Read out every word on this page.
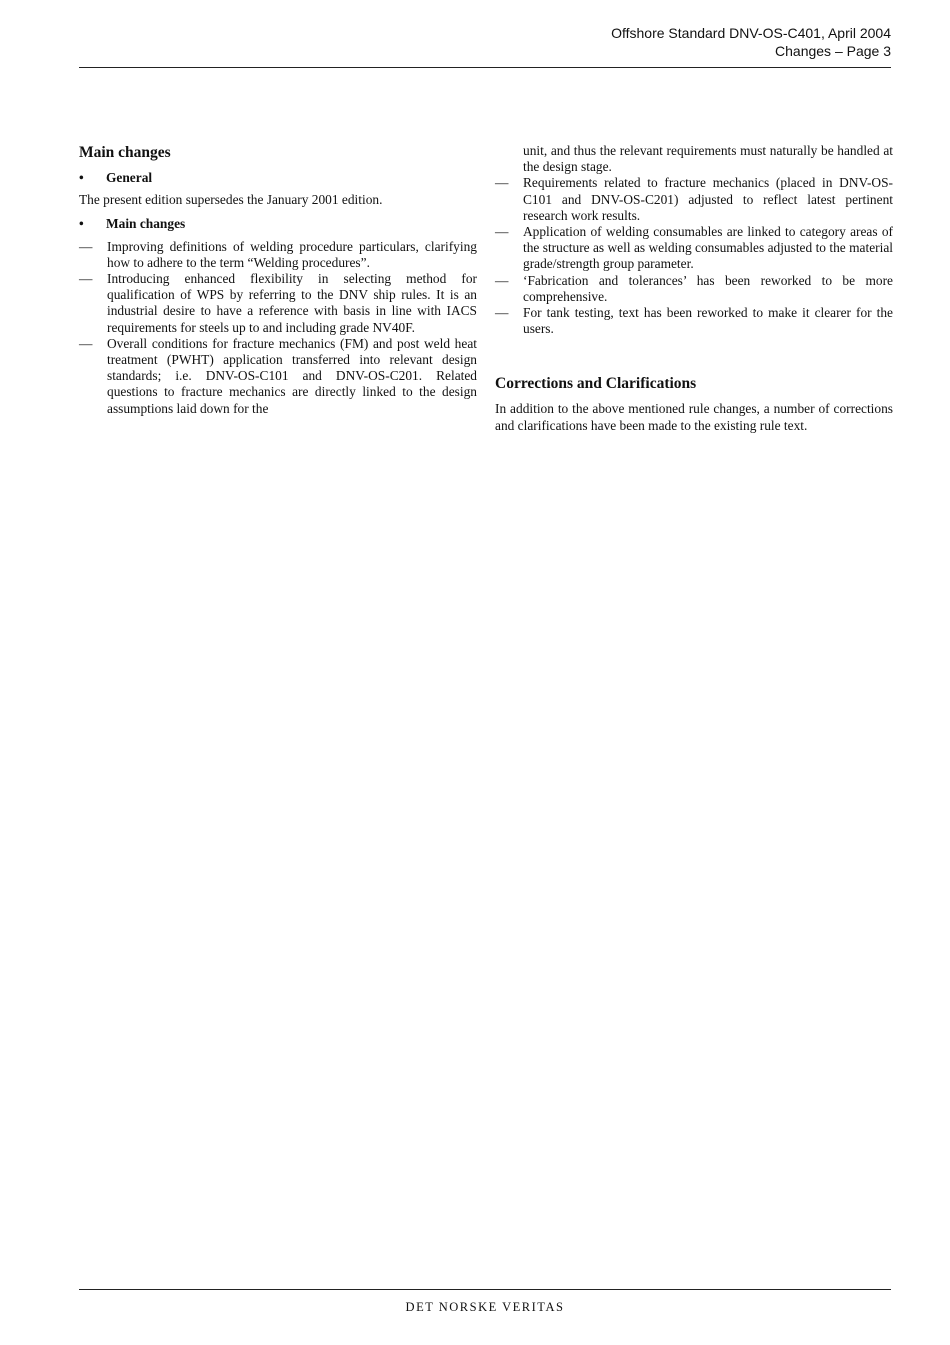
Offshore Standard DNV-OS-C401, April 2004
Changes – Page 3
Main changes
•	General

The present edition supersedes the January 2001 edition.

•	Main changes
— Improving definitions of welding procedure particulars, clarifying how to adhere to the term “Welding procedures”.
— Introducing enhanced flexibility in selecting method for qualification of WPS by referring to the DNV ship rules. It is an industrial desire to have a reference with basis in line with IACS requirements for steels up to and including grade NV40F.
— Overall conditions for fracture mechanics (FM) and post weld heat treatment (PWHT) application transferred into relevant design standards; i.e. DNV-OS-C101 and DNV-OS-C201. Related questions to fracture mechanics are directly linked to the design assumptions laid down for the
unit, and thus the relevant requirements must naturally be handled at the design stage.
— Requirements related to fracture mechanics (placed in DNV-OS-C101 and DNV-OS-C201) adjusted to reflect latest pertinent research work results.
— Application of welding consumables are linked to category areas of the structure as well as welding consumables adjusted to the material grade/strength group parameter.
— ‘Fabrication and tolerances’ has been reworked to be more comprehensive.
— For tank testing, text has been reworked to make it clearer for the users.
Corrections and Clarifications

In addition to the above mentioned rule changes, a number of corrections and clarifications have been made to the existing rule text.

DET NORSKE VERITAS
